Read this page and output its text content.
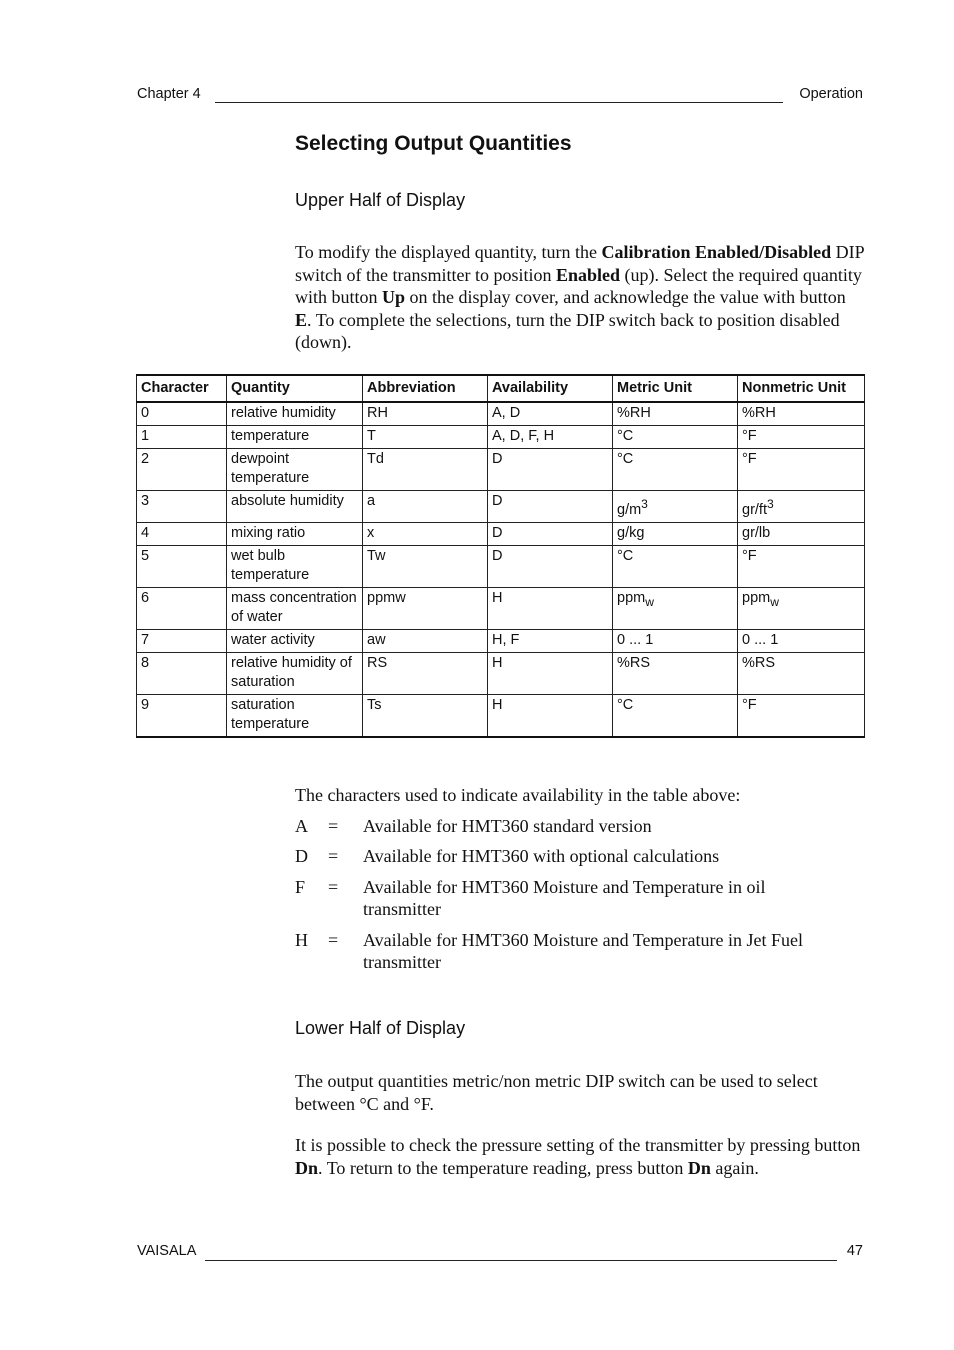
Chapter 4	Operation
Selecting Output Quantities
Upper Half of Display

To modify the displayed quantity, turn the Calibration Enabled/Disabled DIP switch of the transmitter to position Enabled (up). Select the required quantity with button Up on the display cover, and acknowledge the value with button E. To complete the selections, turn the DIP switch back to position disabled (down).

Character	Quantity	Abbreviation	Availability	Metric Unit	Nonmetric Unit
0	relative humidity	RH	A, D	%RH	%RH
1	temperature	T	A, D, F, H	°C	°F
2	dewpoint temperature	Td	D	°C	°F
3	absolute humidity	a	D	$g/m^3$	$gr/ft^3$
4	mixing ratio	x	D	g/kg	gr/lb
5	wet bulb temperature	Tw	D	°C	°F
6	mass concentration of water	ppmw	H	ppm$_w$	ppm$_w$
7	water activity	aw	H, F	0 ... 1	0 ... 1
8	relative humidity of saturation	RS	H	%RS	%RS
9	saturation temperature	Ts	H	°C	°F

The characters used to indicate availability in the table above:

A = Available for HMT360 standard version
D = Available for HMT360 with optional calculations
F = Available for HMT360 Moisture and Temperature in oil transmitter
H = Available for HMT360 Moisture and Temperature in Jet Fuel transmitter
Lower Half of Display

The output quantities metric/non metric DIP switch can be used to select between °C and °F.

It is possible to check the pressure setting of the transmitter by pressing button Dn. To return to the temperature reading, press button Dn again.

VAISALA	47
